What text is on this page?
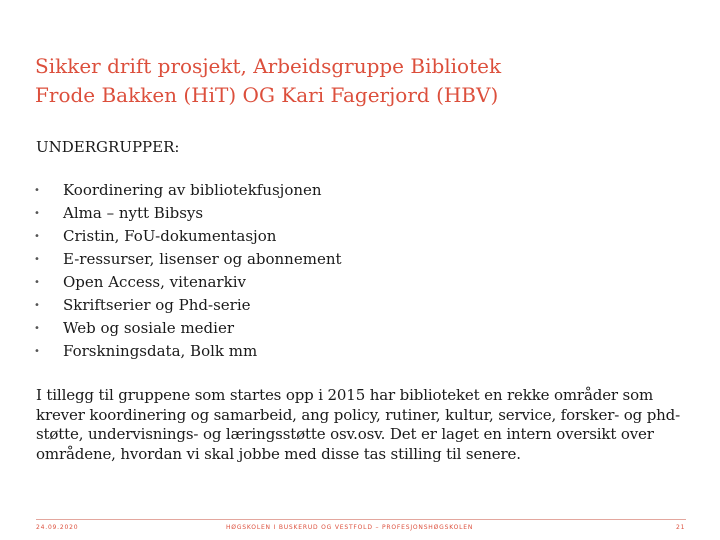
Sikker drift prosjekt, Arbeidsgruppe Bibliotek
Frode Bakken (HiT) OG Kari Fagerjord (HBV)

UNDERGRUPPER:

• Koordinering av bibliotekfusjonen
• Alma – nytt Bibsys
• Cristin, FoU-dokumentasjon
• E-ressurser, lisenser og abonnement
• Open Access, vitenarkiv
• Skriftserier og Phd-serie
• Web og sosiale medier
• Forskningsdata, Bolk mm

I tillegg til gruppene som startes opp i 2015 har biblioteket en rekke områder som krever koordinering og samarbeid, ang policy, rutiner, kultur, service, forsker- og phd-støtte, undervisnings- og læringsstøtte osv.osv. Det er laget en intern oversikt over områdene, hvordan vi skal jobbe med disse tas stilling til senere.

24.09.2020	HØGSKOLEN I BUSKERUD OG VESTFOLD – PROFESJONSHØGSKOLEN	21
